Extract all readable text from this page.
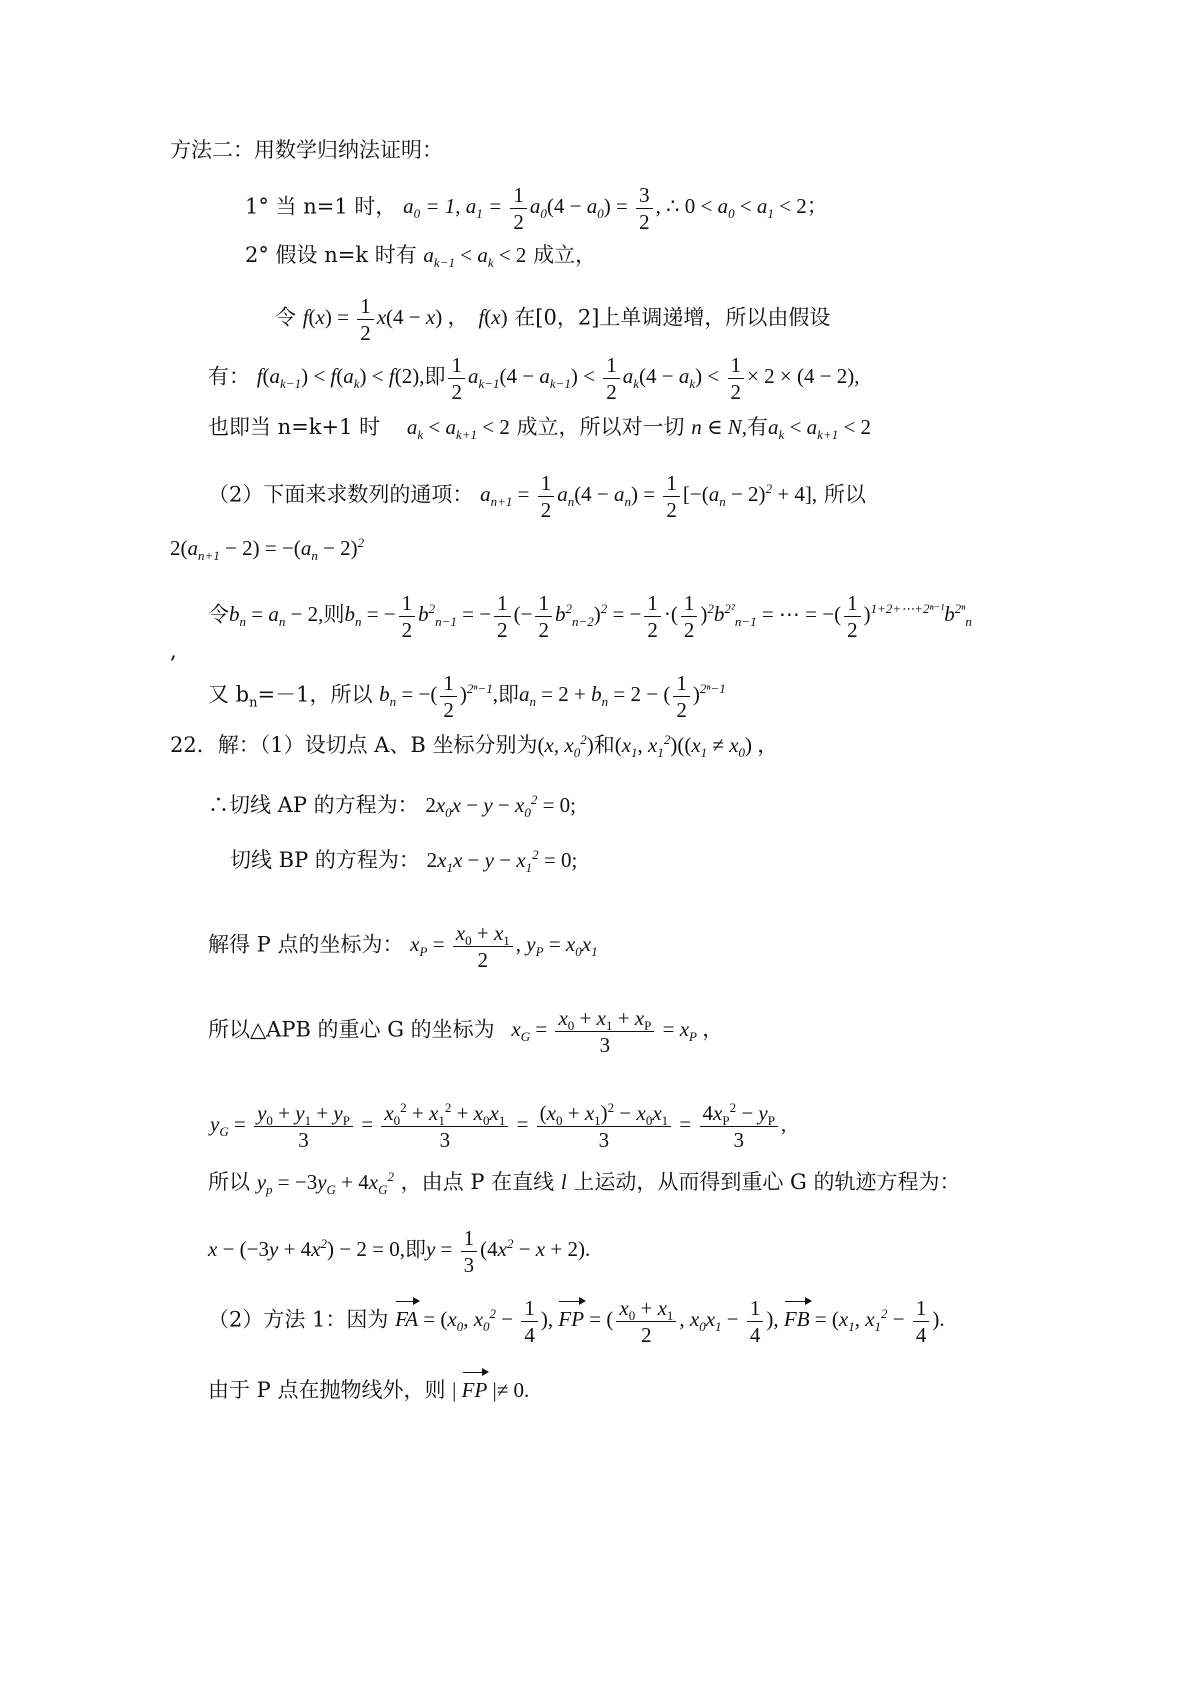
方法二：用数学归纳法证明：
1° 当 n=1 时， $a_0 = 1$, $a_1 = \frac{1}{2} a_0(4 - a_0) = \frac{3}{2}$ , ∴ $0 < a_0 < a_1 < 2$；
2° 假设 n=k 时有 $a_{k-1} < a_k < 2$ 成立，
令 $f(x) = \frac{1}{2} x(4 - x)$ ， f(x) 在[0，2]上单调递增，所以由假设
有： $f(a_{k-1}) < f(a_k) < f(2)$,即 $\frac{1}{2} a_{k-1}(4 - a_{k-1}) < \frac{1}{2} a_k(4 - a_k) < \frac{1}{2} \times 2 \times (4 - 2)$,
也即当 n=k+1 时 $a_k < a_{k+1} < 2$ 成立，所以对一切 n ∈ N,有$a_k < a_{k+1} < 2$
（2）下面来求数列的通项： $a_{n+1} = \frac{1}{2} a_n(4 - a_n) = \frac{1}{2} [-(a_n - 2)^2 + 4]$, 所以
$2(a_{n+1} - 2) = -(a_n - 2)^2$
令$b_n = a_n - 2$,则$b_n$ = − $\frac{1}{2} b^2_{n-1}$ = − $\frac{1}{2}$ (− $\frac{1}{2} b^2_{n-2})^2$ = − $\frac{1}{2}$ ·( $\frac{1}{2} )^2b^{2^2}_{n-1}$ = ⋯ = −( $\frac{1}{2} )^{1+2+\cdots+2^{n-1}}b^{2^n}_n$
,
又 $b_n=-1$，所以 $b_n$ = −( $\frac{1}{2} )^{2^n-1}$,即$a_n = 2 + b_n = 2$ − ( $\frac{1}{2} )^{2^n-1}$
22．解：（1）设切点 A、B 坐标分别为(x, $x_0^2$)和($x_1$, $x_1^2)((x_1 \ne x_0)$ ，
∴切线 AP 的方程为： $2x_0x - y - x_0^2 = 0$;
切线 BP 的方程为： $2x_1x - y - x_1^2 = 0$;
解得 P 点的坐标为： $x_P = \frac{x_0 + x_1}{2}$ , $y_P = x_0x_1$
所以△APB 的重心 G 的坐标为 $x_G = \frac{x_0 + x_1 + x_P}{3} = x_P$ ，
$y_G = \frac{y_0 + y_1 + y_P}{3} = \frac{x_0^2 + x_1^2 + x_0x_1}{3} = \frac{(x_0 + x_1)^2 - x_0x_1}{3} = \frac{4x_P^2 - y_P}{3}$ ,
所以 $y_p = -3y_G + 4x_G^2$ ，由点 P 在直线 l 上运动，从而得到重心 G 的轨迹方程为：
$x - (-3y + 4x^2) - 2 = 0$,即$y = \frac{1}{3} (4x^2 - x + 2)$.
（2）方法 1：因为 FA = ($x_0$, $x_0^2 - \frac{1}{4}$ ), FP = ( $\frac{x_0 + x_1}{2}$ , $x_0x_1 - \frac{1}{4}$ ), FB = ($x_1$, $x_1^2 - \frac{1}{4}$ ).
由于 P 点在抛物线外，则 | FP |≠ 0.
